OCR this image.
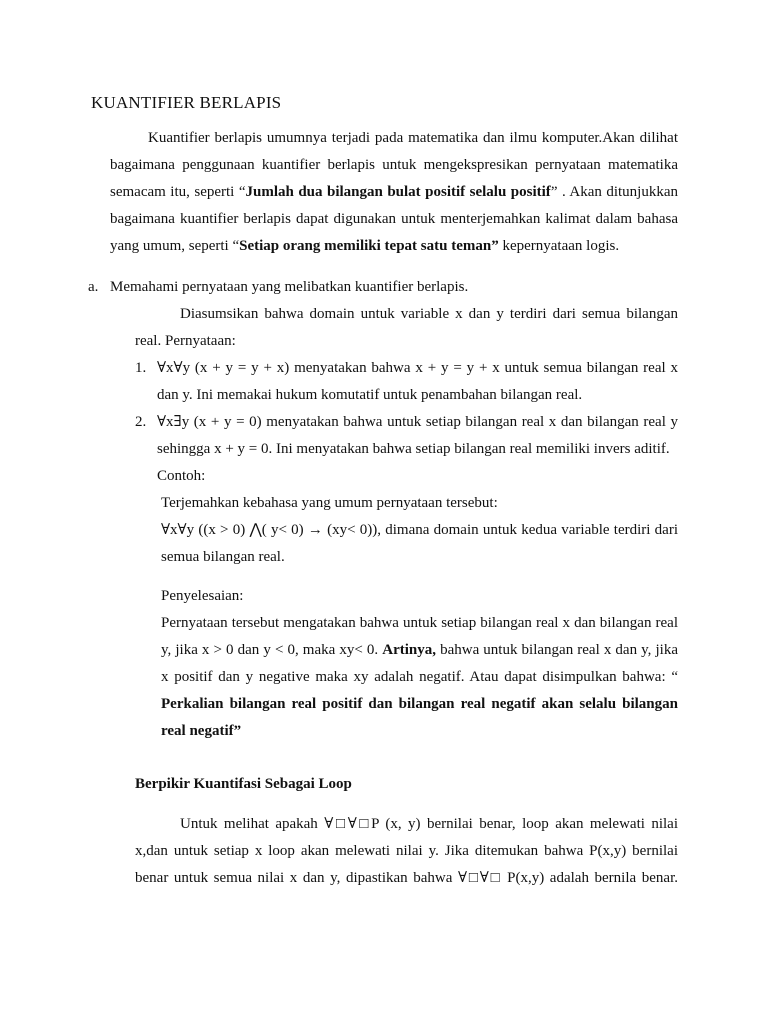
KUANTIFIER BERLAPIS
Kuantifier berlapis umumnya terjadi pada matematika dan ilmu komputer.Akan dilihat
bagaimana penggunaan kuantifier berlapis untuk mengekspresikan pernyataan matematika
semacam itu, seperti “Jumlah dua bilangan bulat positif selalu positif” . Akan ditunjukkan
bagaimana kuantifier berlapis dapat digunakan untuk menterjemahkan kalimat dalam bahasa
yang umum, seperti “Setiap orang memiliki tepat satu teman” kepernyataan logis.
a. Memahami pernyataan yang melibatkan kuantifier berlapis.
Diasumsikan bahwa domain untuk variable x dan y terdiri dari semua bilangan
real. Pernyataan:
1. ∀x∀y (x + y = y + x) menyatakan bahwa x + y = y + x untuk semua bilangan real x
dan y. Ini memakai hukum komutatif untuk penambahan bilangan real.
2. ∀x∃y (x + y = 0) menyatakan bahwa untuk setiap bilangan real x dan bilangan real y
sehingga x + y = 0. Ini menyatakan bahwa setiap bilangan real memiliki invers aditif.
Contoh:
Terjemahkan kebahasa yang umum pernyataan tersebut:
∀x∀y ((x > 0) ⋀( y< 0) → (xy< 0)), dimana domain untuk kedua variable terdiri dari
semua bilangan real.
Penyelesaian:
Pernyataan tersebut mengatakan bahwa untuk setiap bilangan real x dan bilangan real
y, jika x > 0 dan y < 0, maka xy< 0. Artinya, bahwa untuk bilangan real x dan y, jika
x positif dan y negative maka xy adalah negatif. Atau dapat disimpulkan bahwa: “
Perkalian bilangan real positif dan bilangan real negatif akan selalu bilangan
real negatif”
Berpikir Kuantifasi Sebagai Loop
Untuk melihat apakah ∀□∀□P (x, y) bernilai benar, loop akan melewati nilai
x,dan untuk setiap x loop akan melewati nilai y. Jika ditemukan bahwa P(x,y) bernilai
benar untuk semua nilai x dan y, dipastikan bahwa ∀□∀□ P(x,y) adalah bernila benar.
